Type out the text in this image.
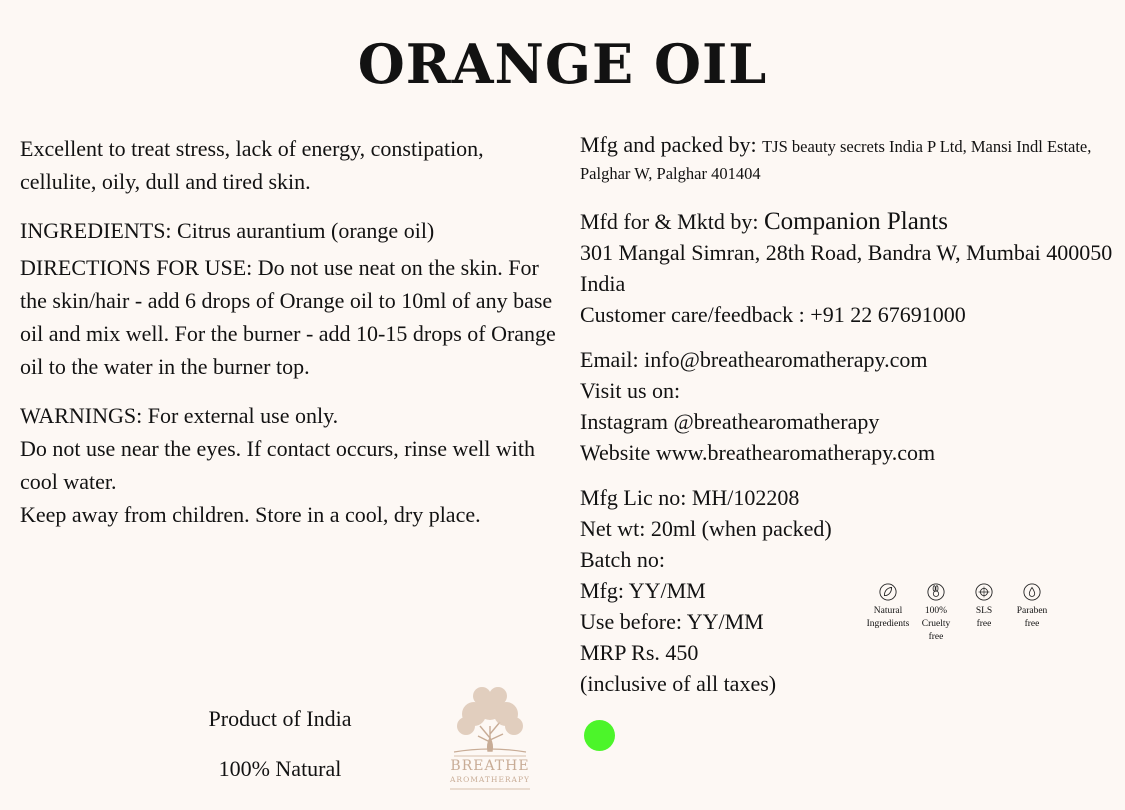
ORANGE OIL

Excellent to treat stress, lack of energy, constipation, cellulite, oily, dull and tired skin.

INGREDIENTS: Citrus aurantium (orange oil)

DIRECTIONS FOR USE: Do not use neat on the skin. For the skin/hair - add 6 drops of Orange oil to 10ml of any base oil and mix well. For the burner - add 10-15 drops of Orange oil to the water in the burner top.

WARNINGS: For external use only.

Do not use near the eyes. If contact occurs, rinse well with cool water.

Keep away from children. Store in a cool, dry place.

Mfg and packed by: TJS beauty secrets India P Ltd, Mansi Indl Estate, Palghar W, Palghar 401404

Mfd for & Mktd by: Companion Plants

301 Mangal Simran, 28th Road, Bandra W, Mumbai 400050 India

Customer care/feedback : +91 22 67691000

Email: info@breathearomatherapy.com

Visit us on:

Instagram @breathearomatherapy

Website www.breathearomatherapy.com

Mfg Lic no: MH/102208

Net wt: 20ml (when packed)

Batch no:

Mfg: YY/MM

Use before: YY/MM

MRP Rs. 450

(inclusive of all taxes)

Natural
Ingredients
100% Cruelty
free
SLS
free
Paraben
free
Product of India
100% Natural	BREATHE
AROMATHERAPY
